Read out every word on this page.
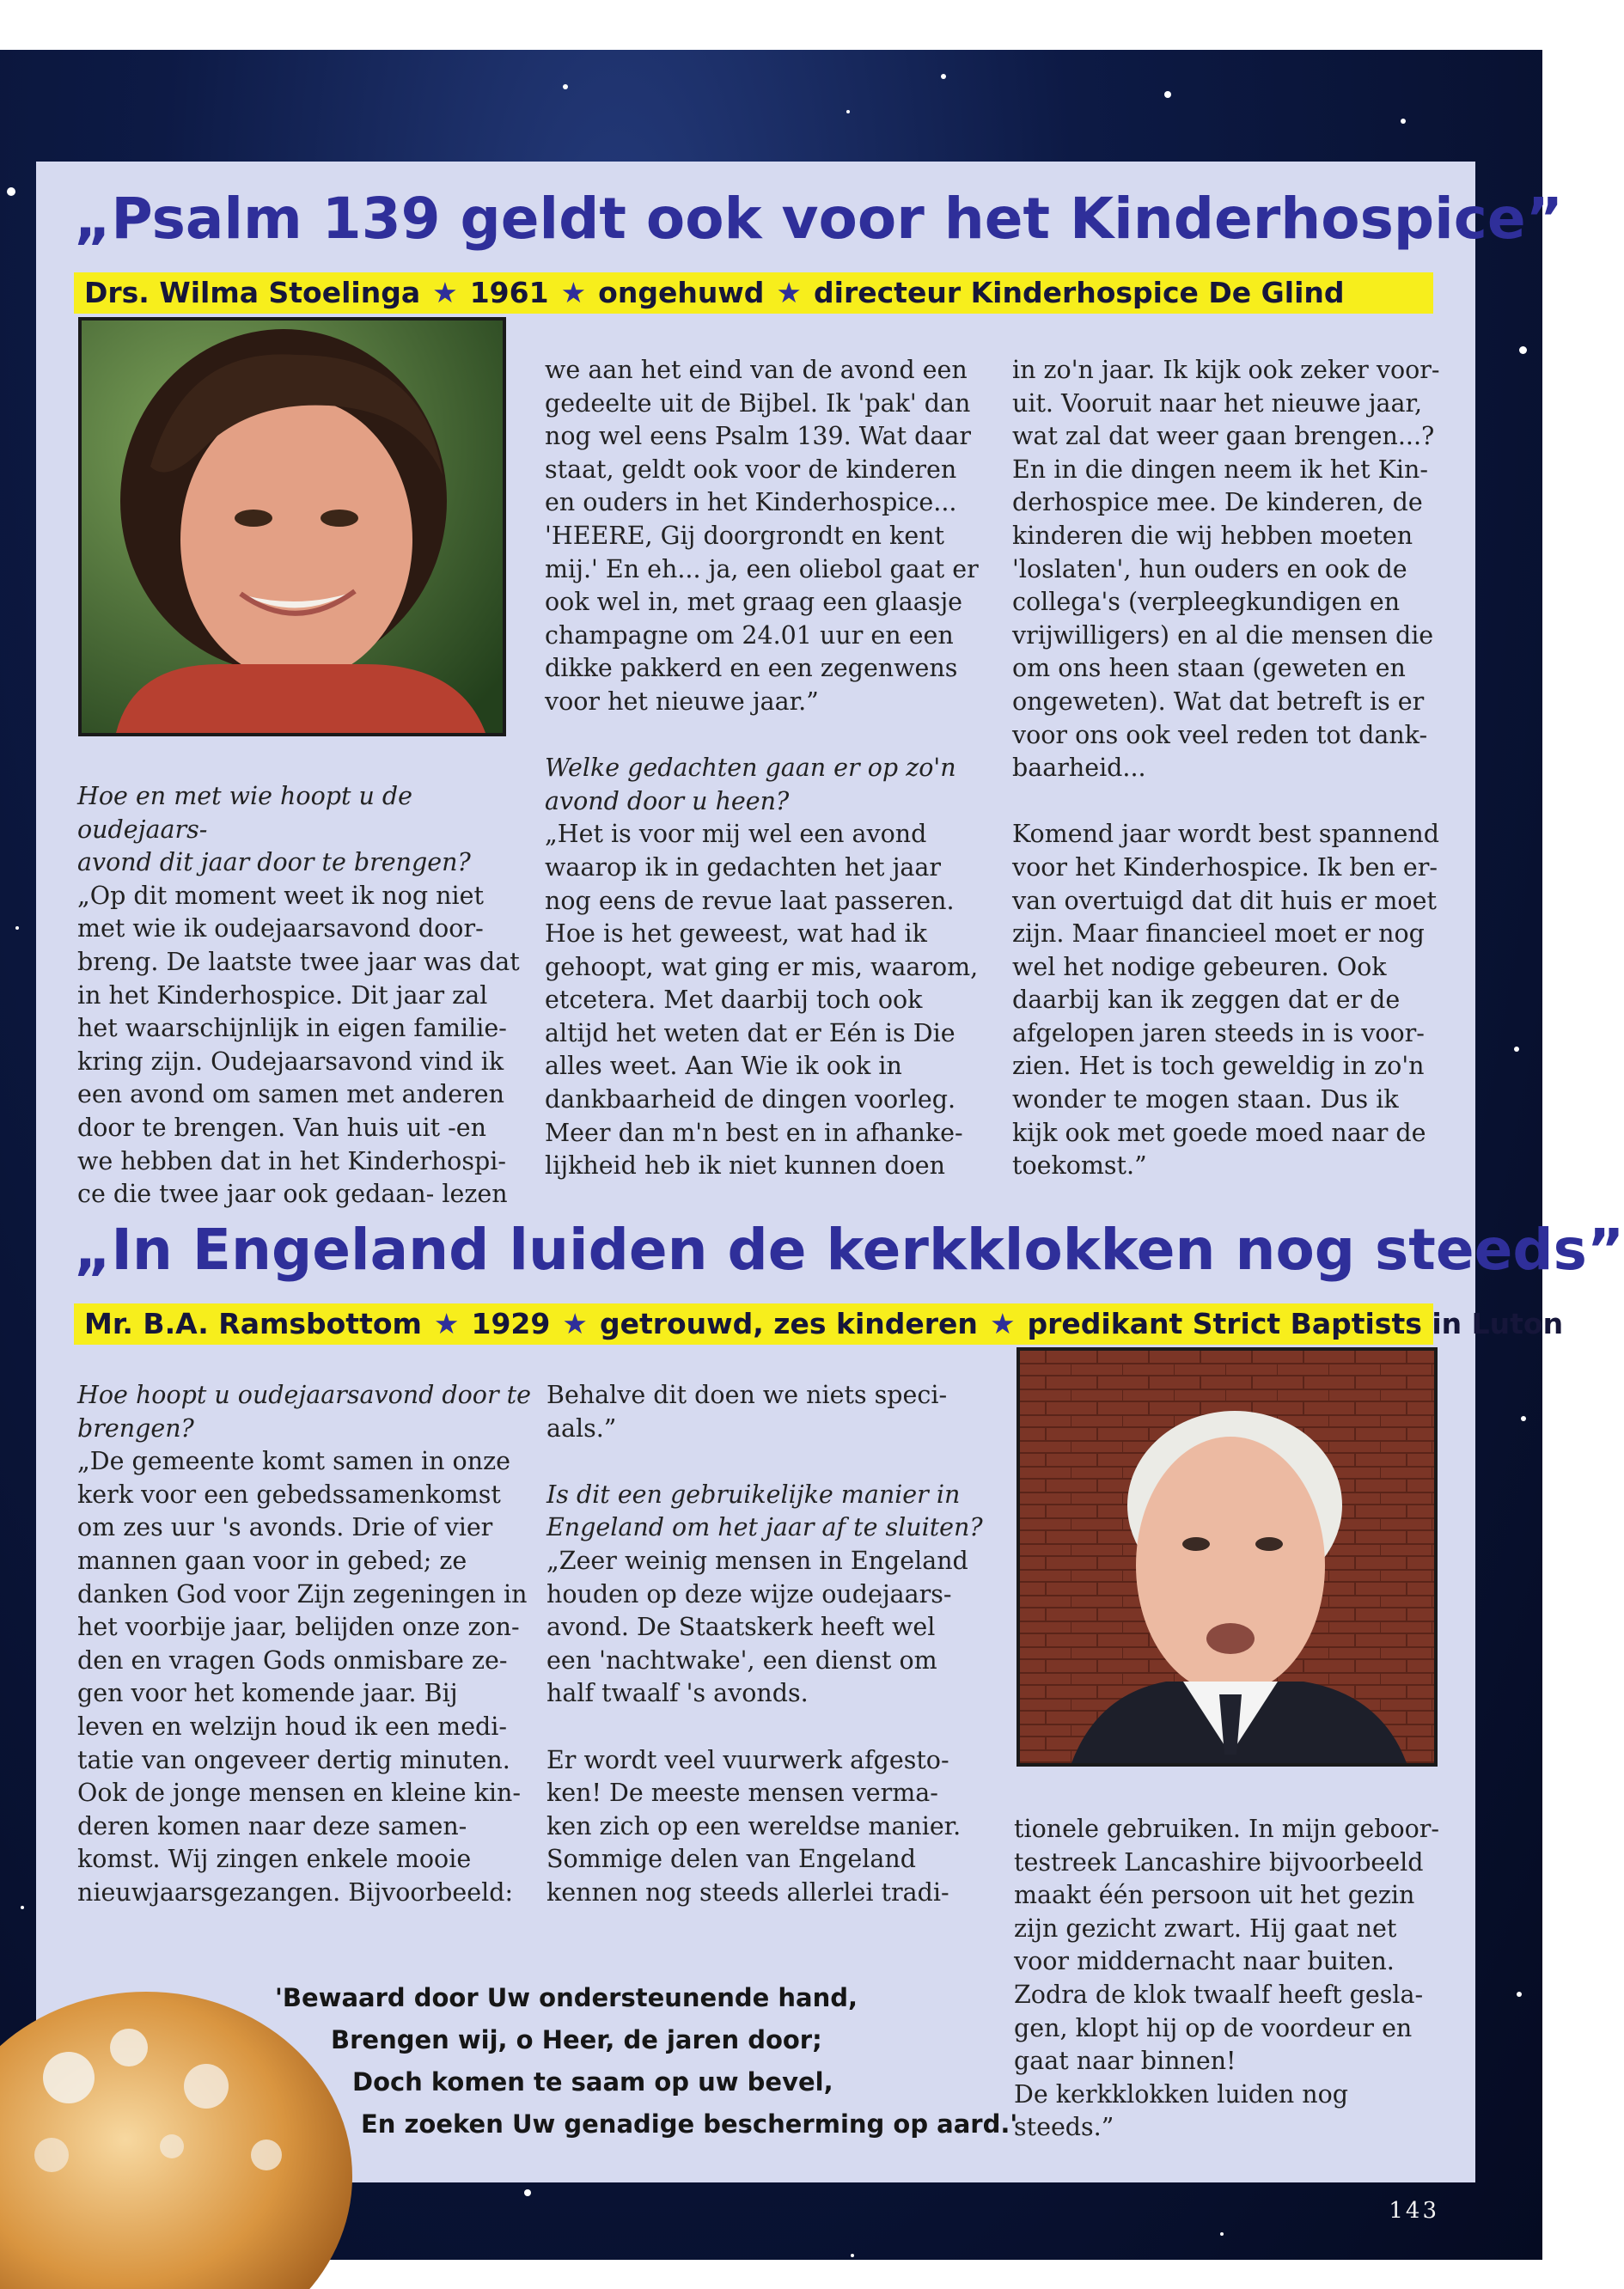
„Psalm 139 geldt ook voor het Kinderhospice”
Drs. Wilma Stoelinga ★ 1961 ★ ongehuwd ★ directeur Kinderhospice De Glind

Hoe en met wie hoopt u de oudejaars-

avond dit jaar door te brengen?

„Op dit moment weet ik nog niet

met wie ik oudejaarsavond door-

breng. De laatste twee jaar was dat

in het Kinderhospice. Dit jaar zal

het waarschijnlijk in eigen familie-

kring zijn. Oudejaarsavond vind ik

een avond om samen met anderen

door te brengen. Van huis uit -en

we hebben dat in het Kinderhospi-

ce die twee jaar ook gedaan- lezen

we aan het eind van de avond een

gedeelte uit de Bijbel. Ik 'pak' dan

nog wel eens Psalm 139. Wat daar

staat, geldt ook voor de kinderen

en ouders in het Kinderhospice...

'HEERE, Gij doorgrondt en kent

mij.' En eh... ja, een oliebol gaat er

ook wel in, met graag een glaasje

champagne om 24.01 uur en een

dikke pakkerd en een zegenwens

voor het nieuwe jaar.”

Welke gedachten gaan er op zo'n

avond door u heen?

„Het is voor mij wel een avond

waarop ik in gedachten het jaar

nog eens de revue laat passeren.

Hoe is het geweest, wat had ik

gehoopt, wat ging er mis, waarom,

etcetera. Met daarbij toch ook

altijd het weten dat er Eén is Die

alles weet. Aan Wie ik ook in

dankbaarheid de dingen voorleg.

Meer dan m'n best en in afhanke-

lijkheid heb ik niet kunnen doen

in zo'n jaar. Ik kijk ook zeker voor-

uit. Vooruit naar het nieuwe jaar,

wat zal dat weer gaan brengen...?

En in die dingen neem ik het Kin-

derhospice mee. De kinderen, de

kinderen die wij hebben moeten

'loslaten', hun ouders en ook de

collega's (verpleegkundigen en

vrijwilligers) en al die mensen die

om ons heen staan (geweten en

ongeweten). Wat dat betreft is er

voor ons ook veel reden tot dank-

baarheid...

Komend jaar wordt best spannend

voor het Kinderhospice. Ik ben er-

van overtuigd dat dit huis er moet

zijn. Maar financieel moet er nog

wel het nodige gebeuren. Ook

daarbij kan ik zeggen dat er de

afgelopen jaren steeds in is voor-

zien. Het is toch geweldig in zo'n

wonder te mogen staan. Dus ik

kijk ook met goede moed naar de

toekomst.”

„In Engeland luiden de kerkklokken nog steeds”
Mr. B.A. Ramsbottom ★ 1929 ★ getrouwd, zes kinderen ★ predikant Strict Baptists in Luton

Hoe hoopt u oudejaarsavond door te

brengen?

„De gemeente komt samen in onze

kerk voor een gebedssamenkomst

om zes uur 's avonds. Drie of vier

mannen gaan voor in gebed; ze

danken God voor Zijn zegeningen in

het voorbije jaar, belijden onze zon-

den en vragen Gods onmisbare ze-

gen voor het komende jaar. Bij

leven en welzijn houd ik een medi-

tatie van ongeveer dertig minuten.

Ook de jonge mensen en kleine kin-

deren komen naar deze samen-

komst. Wij zingen enkele mooie

nieuwjaarsgezangen. Bijvoorbeeld:

Behalve dit doen we niets speci-

aals.”

Is dit een gebruikelijke manier in

Engeland om het jaar af te sluiten?

„Zeer weinig mensen in Engeland

houden op deze wijze oudejaars-

avond. De Staatskerk heeft wel

een 'nachtwake', een dienst om

half twaalf 's avonds.

Er wordt veel vuurwerk afgesto-

ken! De meeste mensen verma-

ken zich op een wereldse manier.

Sommige delen van Engeland

kennen nog steeds allerlei tradi-

tionele gebruiken. In mijn geboor-

testreek Lancashire bijvoorbeeld

maakt één persoon uit het gezin

zijn gezicht zwart. Hij gaat net

voor middernacht naar buiten.

Zodra de klok twaalf heeft gesla-

gen, klopt hij op de voordeur en

gaat naar binnen!

De kerkklokken luiden nog

steeds.”

'Bewaard door Uw ondersteunende hand,

Brengen wij, o Heer, de jaren door;

Doch komen te saam op uw bevel,

En zoeken Uw genadige bescherming op aard.'

143
